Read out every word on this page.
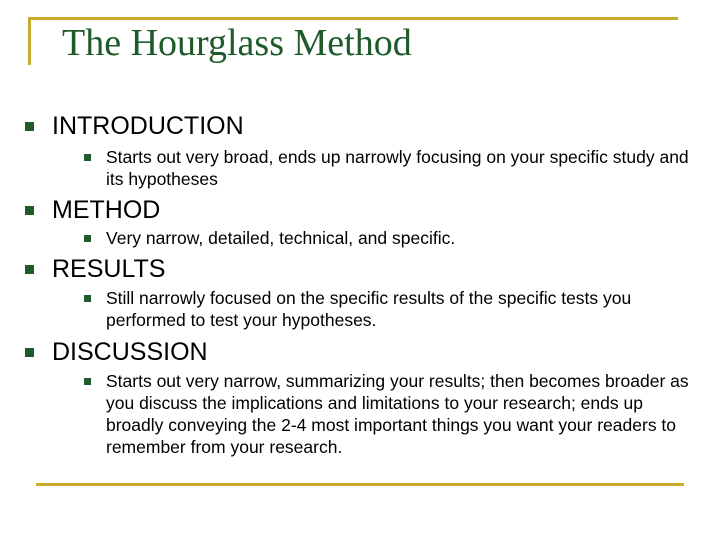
The Hourglass Method
INTRODUCTION
Starts out very broad, ends up narrowly focusing on your specific study and its hypotheses
METHOD
Very narrow, detailed, technical, and specific.
RESULTS
Still narrowly focused on the specific results of the specific tests you performed to test your hypotheses.
DISCUSSION
Starts out very narrow, summarizing your results; then becomes broader as you discuss the implications and limitations to your research; ends up broadly conveying the 2-4 most important things you want your readers to remember from your research.
